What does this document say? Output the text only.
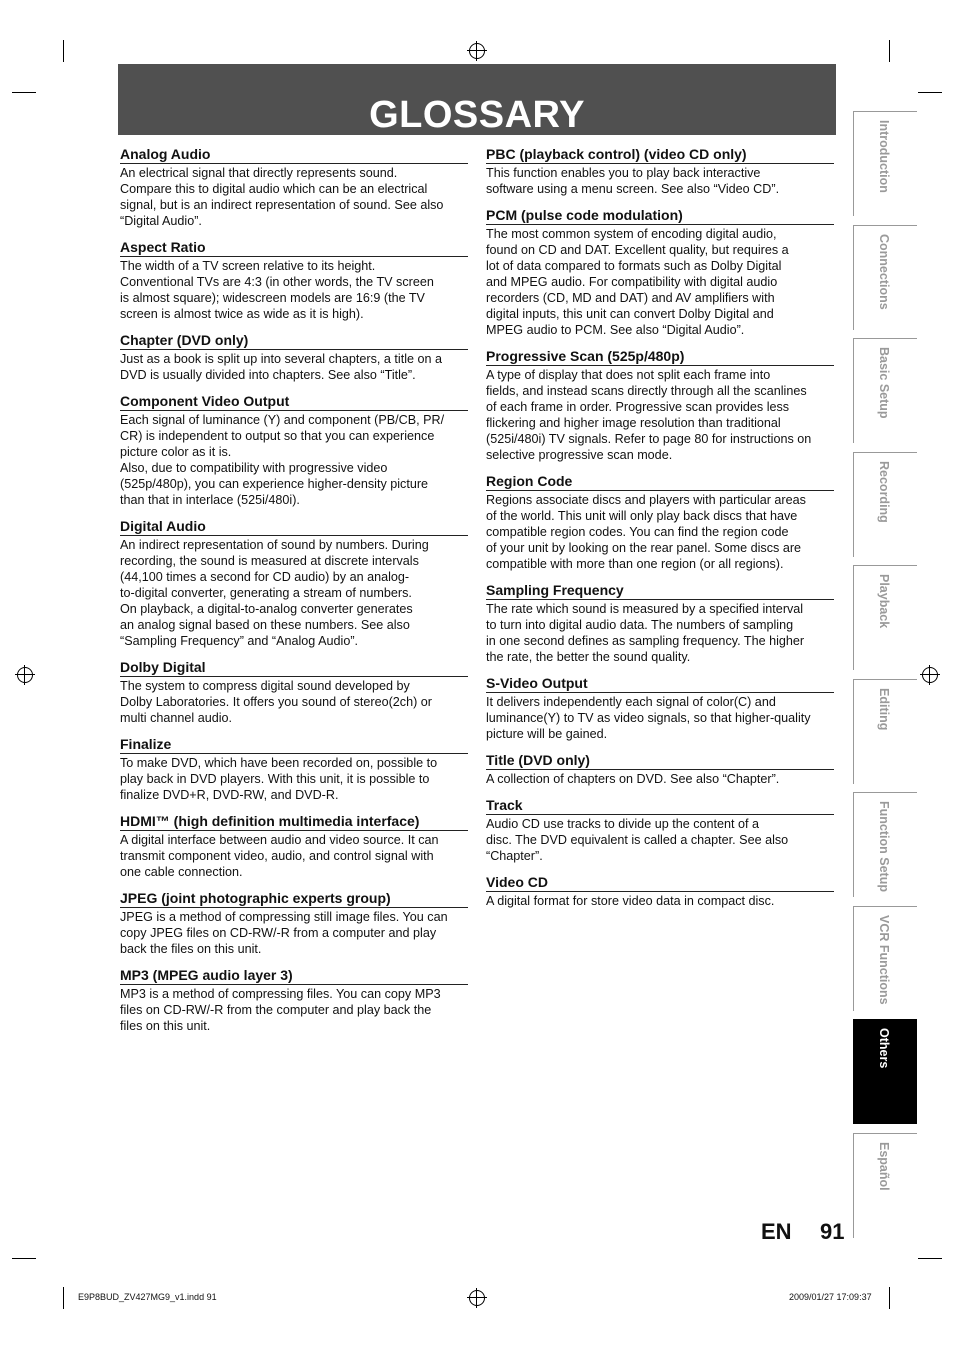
GLOSSARY
Analog Audio
An electrical signal that directly represents sound.
Compare this to digital audio which can be an electrical
signal, but is an indirect representation of sound. See also
“Digital Audio”.
Aspect Ratio
The width of a TV screen relative to its height.
Conventional TVs are 4:3 (in other words, the TV screen
is almost square); widescreen models are 16:9 (the TV
screen is almost twice as wide as it is high).
Chapter (DVD only)
Just as a book is split up into several chapters, a title on a
DVD is usually divided into chapters. See also “Title”.
Component Video Output
Each signal of luminance (Y) and component (PB/CB, PR/
CR) is independent to output so that you can experience
picture color as it is.
Also, due to compatibility with progressive video
(525p/480p), you can experience higher-density picture
than that in interlace (525i/480i).
Digital Audio
An indirect representation of sound by numbers. During
recording, the sound is measured at discrete intervals
(44,100 times a second for CD audio) by an analog-
to-digital converter, generating a stream of numbers.
On playback, a digital-to-analog converter generates
an analog signal based on these numbers. See also
“Sampling Frequency” and “Analog Audio”.
Dolby Digital
The system to compress digital sound developed by
Dolby Laboratories. It offers you sound of stereo(2ch) or
multi channel audio.
Finalize
To make DVD, which have been recorded on, possible to
play back in DVD players. With this unit, it is possible to
finalize DVD+R, DVD-RW, and DVD-R.
HDMI™ (high definition multimedia interface)
A digital interface between audio and video source. It can
transmit component video, audio, and control signal with
one cable connection.
JPEG (joint photographic experts group)
JPEG is a method of compressing still image files. You can
copy JPEG files on CD-RW/-R from a computer and play
back the files on this unit.
MP3 (MPEG audio layer 3)
MP3 is a method of compressing files. You can copy MP3
files on CD-RW/-R from the computer and play back the
files on this unit.
PBC (playback control) (video CD only)
This function enables you to play back interactive
software using a menu screen. See also “Video CD”.
PCM (pulse code modulation)
The most common system of encoding digital audio,
found on CD and DAT. Excellent quality, but requires a
lot of data compared to formats such as Dolby Digital
and MPEG audio. For compatibility with digital audio
recorders (CD, MD and DAT) and AV amplifiers with
digital inputs, this unit can convert Dolby Digital and
MPEG audio to PCM. See also “Digital Audio”.
Progressive Scan (525p/480p)
A type of display that does not split each frame into
fields, and instead scans directly through all the scanlines
of each frame in order. Progressive scan provides less
flickering and higher image resolution than traditional
(525i/480i) TV signals. Refer to page 80 for instructions on
selective progressive scan mode.
Region Code
Regions associate discs and players with particular areas
of the world. This unit will only play back discs that have
compatible region codes. You can find the region code
of your unit by looking on the rear panel. Some discs are
compatible with more than one region (or all regions).
Sampling Frequency
The rate which sound is measured by a specified interval
to turn into digital audio data. The numbers of sampling
in one second defines as sampling frequency. The higher
the rate, the better the sound quality.
S-Video Output
It delivers independently each signal of color(C) and
luminance(Y) to TV as video signals, so that higher-quality
picture will be gained.
Title (DVD only)
A collection of chapters on DVD. See also “Chapter”.
Track
Audio CD use tracks to divide up the content of a
disc. The DVD equivalent is called a chapter. See also
“Chapter”.
Video CD
A digital format for store video data in compact disc.
Introduction
Connections
Basic Setup
Recording
Playback
Editing
Function Setup
VCR Functions
Others
Español
EN 91
E9P8BUD_ZV427MG9_v1.indd 91	2009/01/27 17:09:37
